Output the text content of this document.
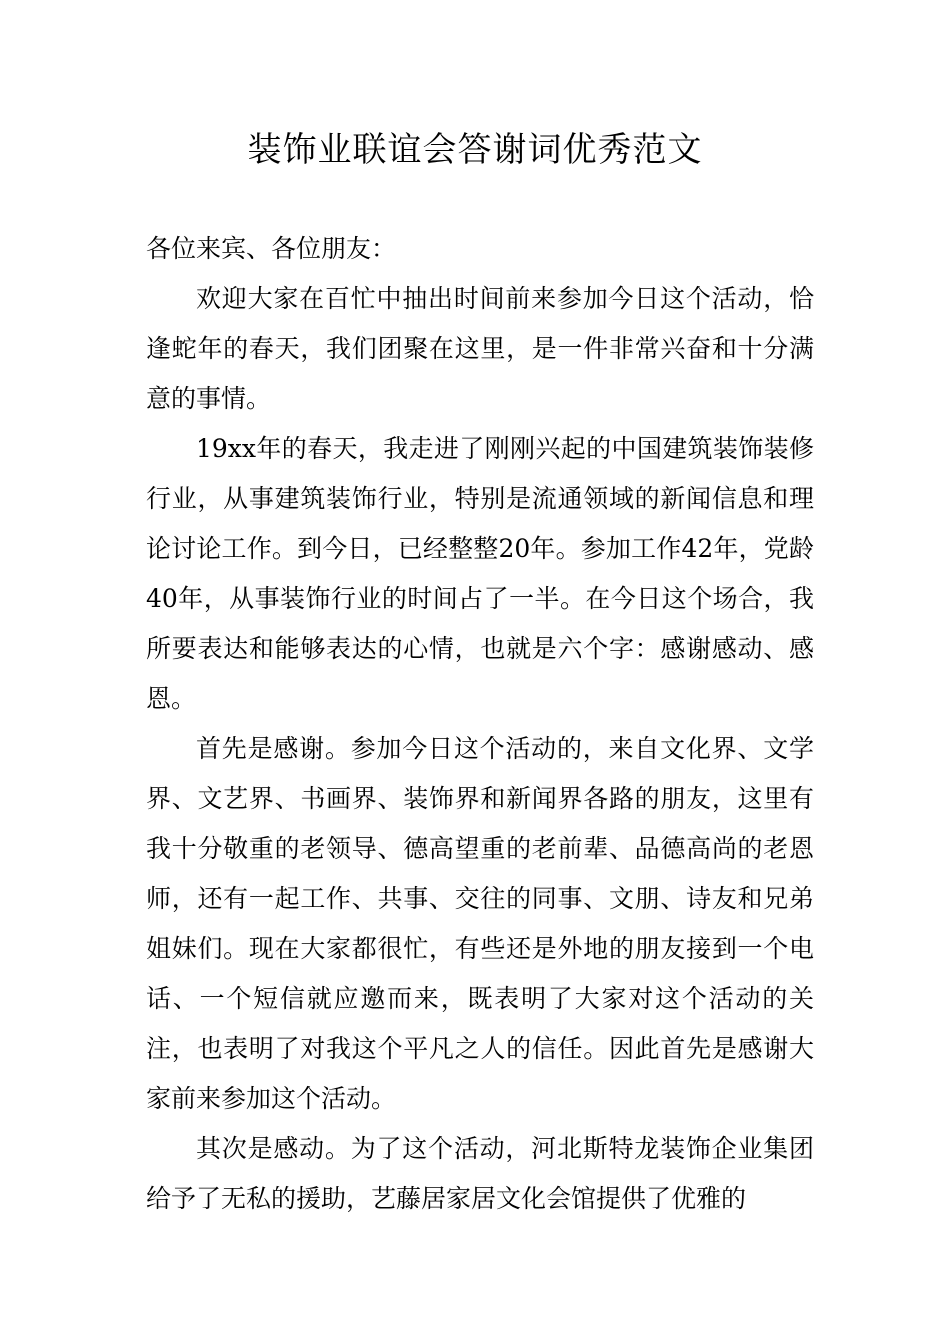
装饰业联谊会答谢词优秀范文

各位来宾、各位朋友：

欢迎大家在百忙中抽出时间前来参加今日这个活动，恰逢蛇年的春天，我们团聚在这里，是一件非常兴奋和十分满意的事情。

19xx年的春天，我走进了刚刚兴起的中国建筑装饰装修行业，从事建筑装饰行业，特别是流通领域的新闻信息和理论讨论工作。到今日，已经整整20年。参加工作42年，党龄40年，从事装饰行业的时间占了一半。在今日这个场合，我所要表达和能够表达的心情，也就是六个字：感谢感动、感恩。

首先是感谢。参加今日这个活动的，来自文化界、文学界、文艺界、书画界、装饰界和新闻界各路的朋友，这里有我十分敬重的老领导、德高望重的老前辈、品德高尚的老恩师，还有一起工作、共事、交往的同事、文朋、诗友和兄弟姐妹们。现在大家都很忙，有些还是外地的朋友接到一个电话、一个短信就应邀而来，既表明了大家对这个活动的关注，也表明了对我这个平凡之人的信任。因此首先是感谢大家前来参加这个活动。

其次是感动。为了这个活动，河北斯特龙装饰企业集团给予了无私的援助，艺藤居家居文化会馆提供了优雅的
